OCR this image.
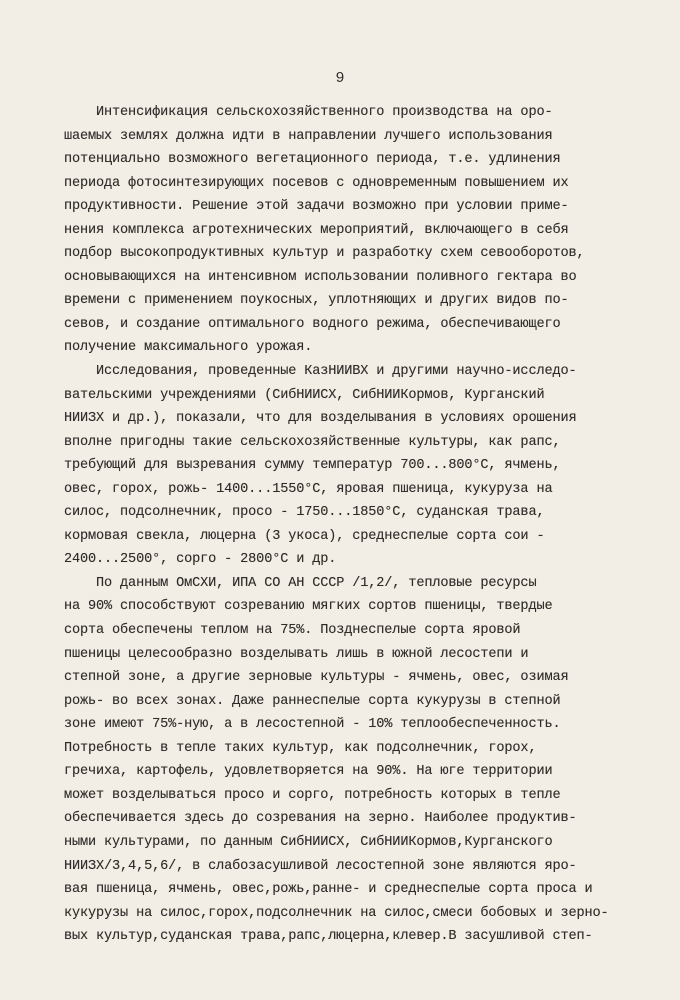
9
Интенсификация сельскохозяйственного производства на оро-
шаемых землях должна идти в направлении лучшего использования
потенциально возможного вегетационного периода, т.е. удлинения
периода фотосинтезирующих посевов с одновременным повышением их
продуктивности. Решение этой задачи возможно при условии приме-
нения комплекса агротехнических мероприятий, включающего в себя
подбор высокопродуктивных культур и разработку схем севооборотов,
основывающихся на интенсивном использовании поливного гектара во
времени с применением поукосных, уплотняющих и других видов по-
севов, и создание оптимального водного режима, обеспечивающего
получение максимального урожая.
Исследования, проведенные КазНИИВХ и другими научно-исследо-
вательскими учреждениями (СибНИИСХ, СибНИИКормов, Курганский
НИИЗХ и др.), показали, что для возделывания в условиях орошения
вполне пригодны такие сельскохозяйственные культуры, как рапс,
требующий для вызревания сумму температур 700...800°С, ячмень,
овес, горох, рожь- 1400...1550°С, яровая пшеница, кукуруза на
силос, подсолнечник, просо - 1750...1850°С, суданская трава,
кормовая свекла, люцерна (3 укоса), среднеспелые сорта сои -
2400...2500°, сорго - 2800°С и др.
По данным ОмСХИ, ИПА СО АН СССР /1,2/, тепловые ресурсы
на 90% способствуют созреванию мягких сортов пшеницы, твердые
сорта обеспечены теплом на 75%. Позднеспелые сорта яровой
пшеницы целесообразно возделывать лишь в южной лесостепи и
степной зоне, а другие зерновые культуры - ячмень, овес, озимая
рожь- во всех зонах. Даже раннеспелые сорта кукурузы в степной
зоне имеют 75%-ную, а в лесостепной - 10% теплообеспеченность.
Потребность в тепле таких культур, как подсолнечник, горох,
гречиха, картофель, удовлетворяется на 90%. На юге территории
может возделываться просо и сорго, потребность которых в тепле
обеспечивается здесь до созревания на зерно. Наиболее продуктив-
ными культурами, по данным СибНИИСХ, СибНИИКормов,Курганского
НИИЗХ/3,4,5,6/, в слабозасушливой лесостепной зоне являются яро-
вая пшеница, ячмень, овес,рожь,ранне- и среднеспелые сорта проса и
кукурузы на силос,горох,подсолнечник на силос,смеси бобовых и зерно-
вых культур,суданская трава,рапс,люцерна,клевер.В засушливой степ-
